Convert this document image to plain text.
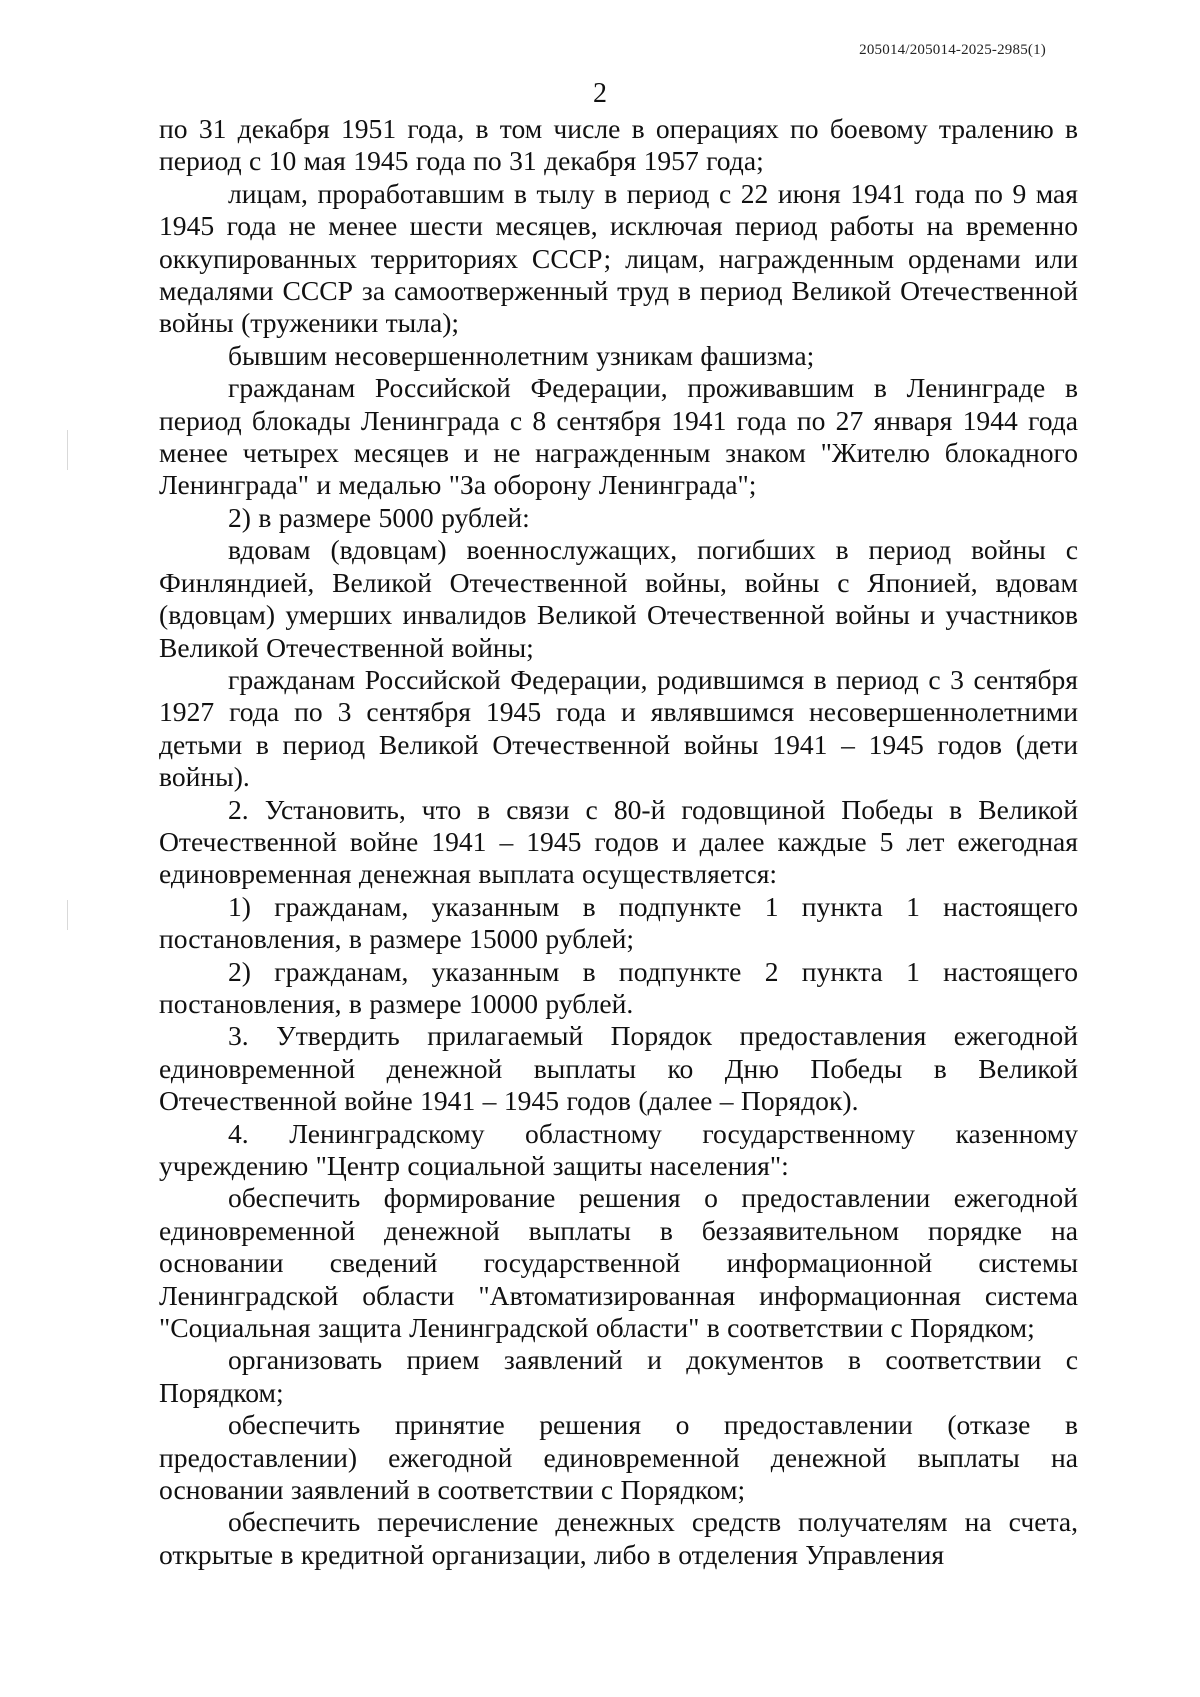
205014/205014-2025-2985(1)
2

по 31 декабря 1951 года, в том числе в операциях по боевому тралению в период с 10 мая 1945 года по 31 декабря 1957 года;

лицам, проработавшим в тылу в период с 22 июня 1941 года по 9 мая 1945 года не менее шести месяцев, исключая период работы на временно оккупированных территориях СССР; лицам, награжденным орденами или медалями СССР за самоотверженный труд в период Великой Отечественной войны (труженики тыла);

бывшим несовершеннолетним узникам фашизма;

гражданам Российской Федерации, проживавшим в Ленинграде в период блокады Ленинграда с 8 сентября 1941 года по 27 января 1944 года менее четырех месяцев и не награжденным знаком "Жителю блокадного Ленинграда" и медалью "За оборону Ленинграда";

2) в размере 5000 рублей:

вдовам (вдовцам) военнослужащих, погибших в период войны с Финляндией, Великой Отечественной войны, войны с Японией, вдовам (вдовцам) умерших инвалидов Великой Отечественной войны и участников Великой Отечественной войны;

гражданам Российской Федерации, родившимся в период с 3 сентября 1927 года по 3 сентября 1945 года и являвшимся несовершеннолетними детьми в период Великой Отечественной войны 1941 – 1945 годов (дети войны).

2. Установить, что в связи с 80-й годовщиной Победы в Великой Отечественной войне 1941 – 1945 годов и далее каждые 5 лет ежегодная единовременная денежная выплата осуществляется:

1) гражданам, указанным в подпункте 1 пункта 1 настоящего постановления, в размере 15000 рублей;

2) гражданам, указанным в подпункте 2 пункта 1 настоящего постановления, в размере 10000 рублей.

3. Утвердить прилагаемый Порядок предоставления ежегодной единовременной денежной выплаты ко Дню Победы в Великой Отечественной войне 1941 – 1945 годов (далее – Порядок).

4. Ленинградскому областному государственному казенному учреждению "Центр социальной защиты населения":

обеспечить формирование решения о предоставлении ежегодной единовременной денежной выплаты в беззаявительном порядке на основании сведений государственной информационной системы Ленинградской области "Автоматизированная информационная система "Социальная защита Ленинградской области" в соответствии с Порядком;

организовать прием заявлений и документов в соответствии с Порядком;

обеспечить принятие решения о предоставлении (отказе в предоставлении) ежегодной единовременной денежной выплаты на основании заявлений в соответствии с Порядком;

обеспечить перечисление денежных средств получателям на счета, открытые в кредитной организации, либо в отделения Управления
